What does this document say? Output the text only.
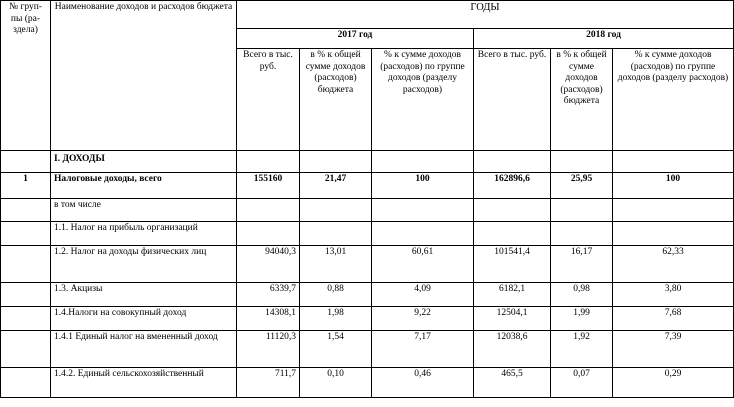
№ груп-пы (ра-здела)	Наименование доходов и расходов бюджета	ГОДЫ					
		2017 год			2018 год		
		Всего в тыс. руб.	в % к общей сумме доходов (расходов) бюджета	% к сумме доходов (расходов) по группе доходов (разделу расходов)	Всего в тыс. руб.	в % к общей сумме доходов (расходов) бюджета	% к сумме доходов (расходов) по группе доходов (разделу расходов)
	I. ДОХОДЫ						
1	Налоговые доходы, всего	155160	21,47	100	162896,6	25,95	100
	в том числе						
	1.1. Налог на прибыль организаций						
	1.2. Налог на доходы физических лиц	94040,3	13,01	60,61	101541,4	16,17	62,33
	1.3. Акцизы	6339,7	0,88	4,09	6182,1	0,98	3,80
	1.4.Налоги на совокупный доход	14308,1	1,98	9,22	12504,1	1,99	7,68
	1.4.1 Единый налог на вмененный доход	11120,3	1,54	7,17	12038,6	1,92	7,39
	1.4.2. Единый сельскохозяйственный	711,7	0,10	0,46	465,5	0,07	0,29
